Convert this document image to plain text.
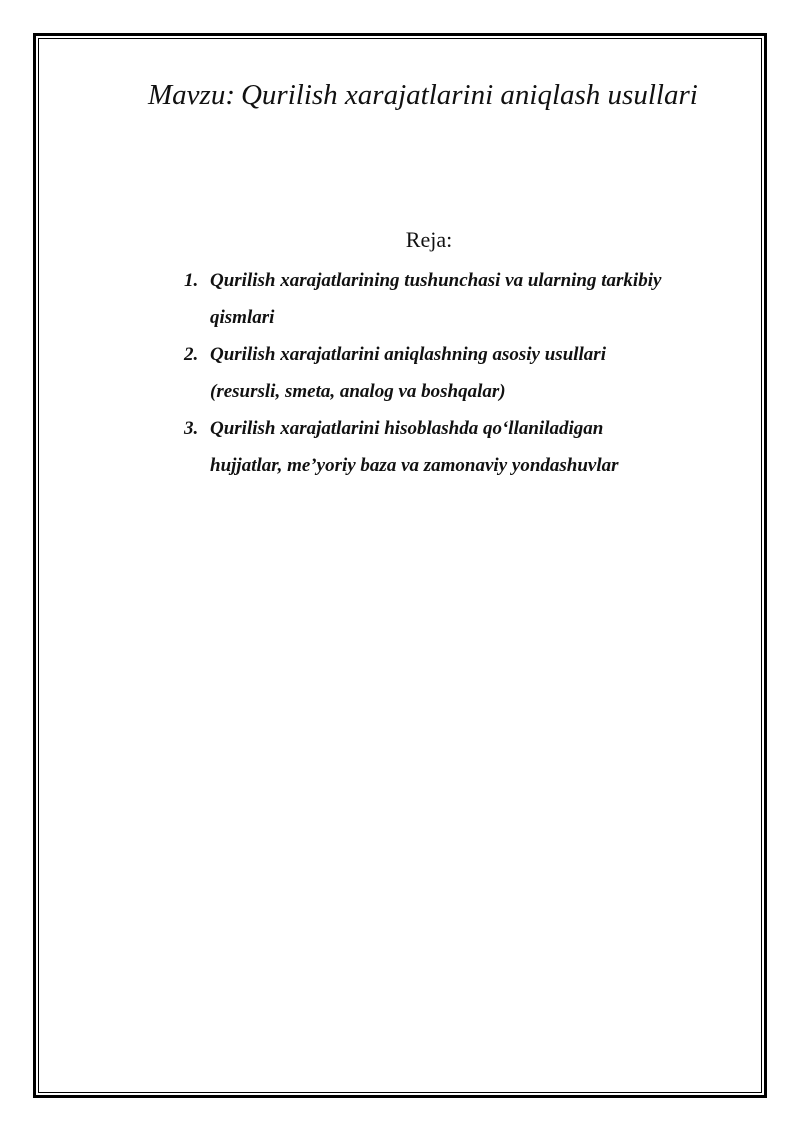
Mavzu: Qurilish xarajatlarini aniqlash usullari
Reja:
1. Qurilish xarajatlarining tushunchasi va ularning tarkibiy
qismlari
2. Qurilish xarajatlarini aniqlashning asosiy usullari
(resursli, smeta, analog va boshqalar)
3. Qurilish xarajatlarini hisoblashda qo‘llaniladigan
hujjatlar, me’yoriy baza va zamonaviy yondashuvlar
